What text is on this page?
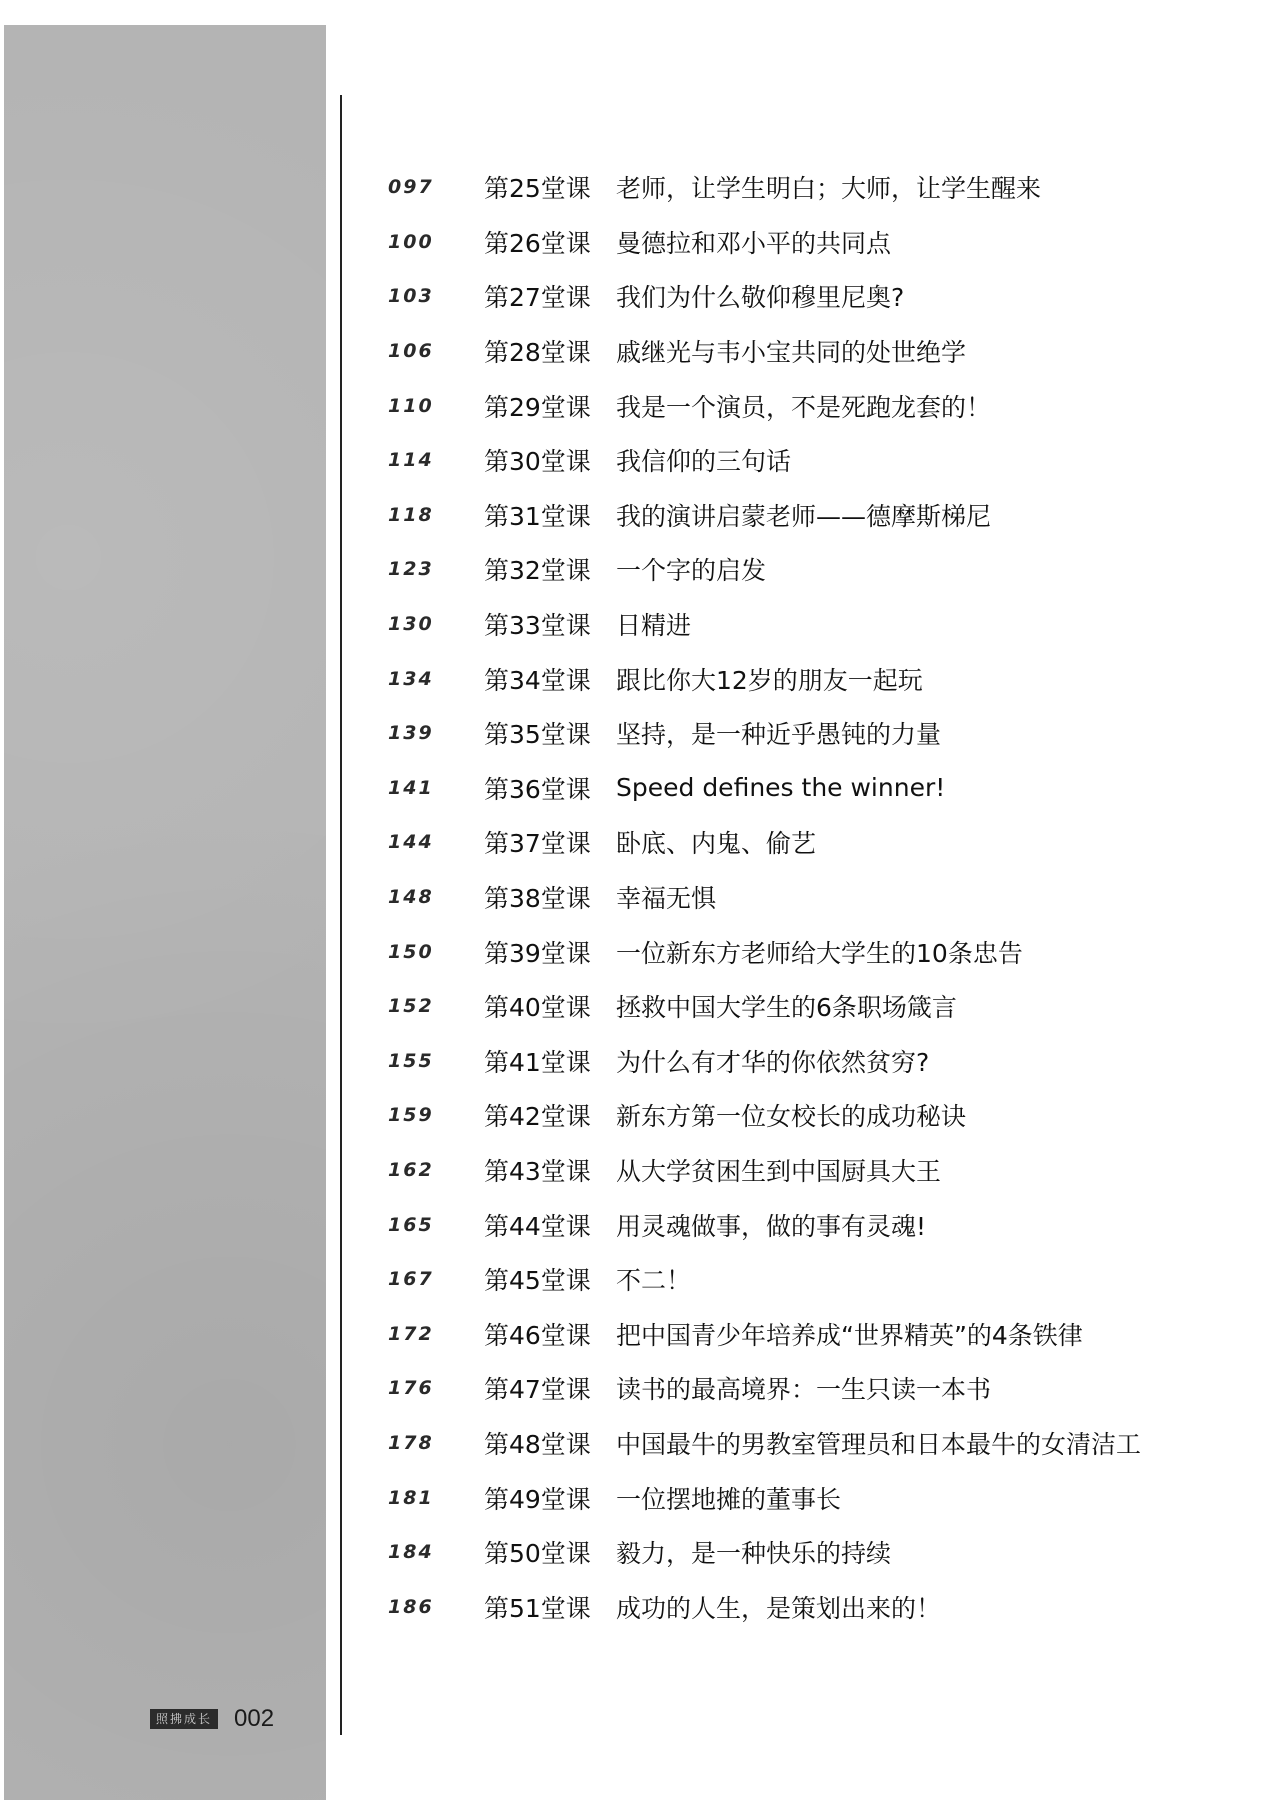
097	第25堂课	老师，让学生明白；大师，让学生醒来
100	第26堂课	曼德拉和邓小平的共同点
103	第27堂课	我们为什么敬仰穆里尼奥?
106	第28堂课	戚继光与韦小宝共同的处世绝学
110	第29堂课	我是一个演员，不是死跑龙套的！
114	第30堂课	我信仰的三句话
118	第31堂课	我的演讲启蒙老师——德摩斯梯尼
123	第32堂课	一个字的启发
130	第33堂课	日精进
134	第34堂课	跟比你大12岁的朋友一起玩
139	第35堂课	坚持，是一种近乎愚钝的力量
141	第36堂课	Speed defines the winner!
144	第37堂课	卧底、内鬼、偷艺
148	第38堂课	幸福无惧
150	第39堂课	一位新东方老师给大学生的10条忠告
152	第40堂课	拯救中国大学生的6条职场箴言
155	第41堂课	为什么有才华的你依然贫穷?
159	第42堂课	新东方第一位女校长的成功秘诀
162	第43堂课	从大学贫困生到中国厨具大王
165	第44堂课	用灵魂做事，做的事有灵魂!
167	第45堂课	不二！
172	第46堂课	把中国青少年培养成“世界精英”的4条铁律
176	第47堂课	读书的最高境界：一生只读一本书
178	第48堂课	中国最牛的男教室管理员和日本最牛的女清洁工
181	第49堂课	一位摆地摊的董事长
184	第50堂课	毅力，是一种快乐的持续
186	第51堂课	成功的人生，是策划出来的！
照拂成长 002
